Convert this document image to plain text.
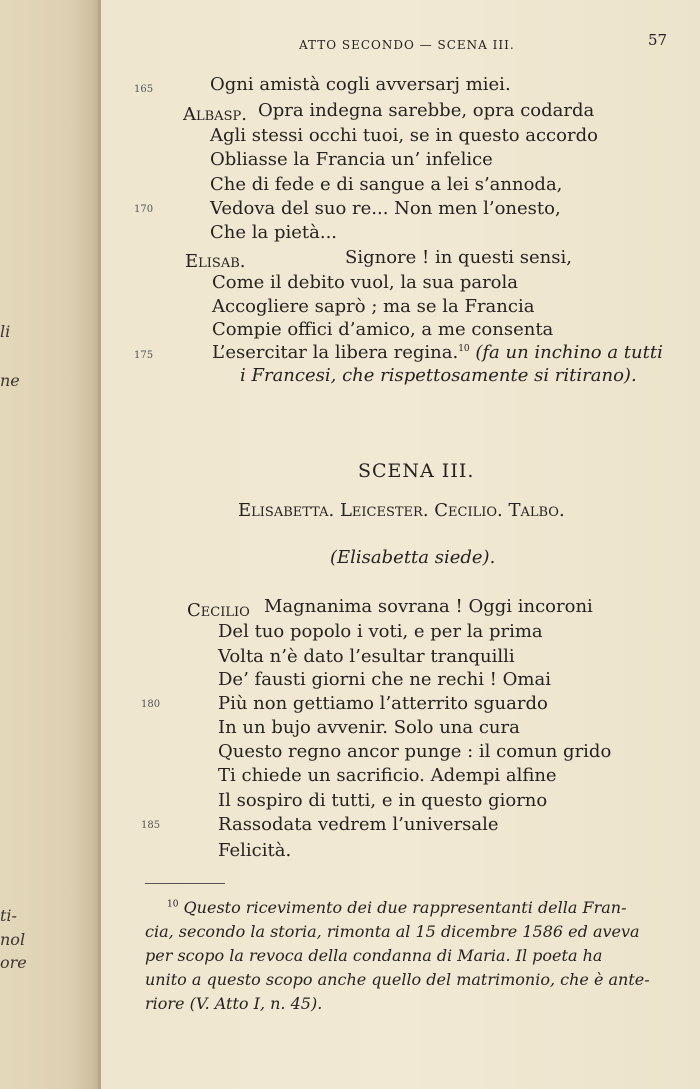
li
ne
ti-
nol
ore
ATTO SECONDO — SCENA III.	57
165
170
175
180
185
Ogni amistà cogli avversarj miei.
Albasp. Opra indegna sarebbe, opra codarda
Agli stessi occhi tuoi, se in questo accordo
Obliasse la Francia un’ infelice
Che di fede e di sangue a lei s’annoda,
Vedova del suo re... Non men l’onesto,
Che la pietà...
Elisab.	Signore ! in questi sensi,
Come il debito vuol, la sua parola
Accogliere saprò ; ma se la Francia
Compie offici d’amico, a me consenta
L’esercitar la libera regina.$^{10}$ (fa un inchino a tutti
i Francesi, che rispettosamente si ritirano).
SCENA III.
Elisabetta. Leicester. Cecilio. Talbo.
(Elisabetta siede).
Cecilio Magnanima sovrana ! Oggi incoroni
Del tuo popolo i voti, e per la prima
Volta n’è dato l’esultar tranquilli
De’ fausti giorni che ne rechi ! Omai
Più non gettiamo l’atterrito sguardo
In un bujo avvenir. Solo una cura
Questo regno ancor punge : il comun grido
Ti chiede un sacrificio. Adempi alfine
Il sospiro di tutti, e in questo giorno
Rassodata vedrem l’universale
Felicità.
$^{10}$ Questo ricevimento dei due rappresentanti della Fran-
cia, secondo la storia, rimonta al 15 dicembre 1586 ed aveva
per scopo la revoca della condanna di Maria. Il poeta ha
unito a questo scopo anche quello del matrimonio, che è ante-
riore (V. Atto I, n. 45).
